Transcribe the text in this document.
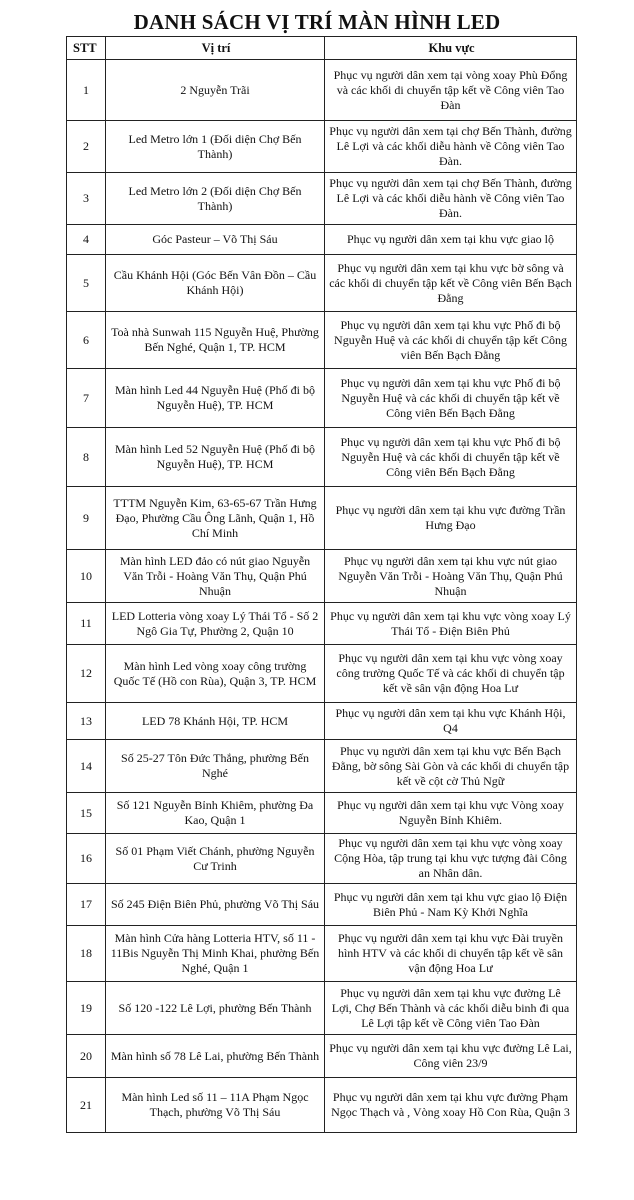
DANH SÁCH VỊ TRÍ MÀN HÌNH LED
STT	Vị trí	Khu vực
1	2 Nguyễn Trãi	Phục vụ người dân xem tại vòng xoay Phù Đổng và các khối di chuyển tập kết về Công viên Tao Đàn
2	Led Metro lớn 1 (Đối diện Chợ Bến Thành)	Phục vụ người dân xem tại chợ Bến Thành, đường Lê Lợi và các khối diễu hành về Công viên Tao Đàn.
3	Led Metro lớn 2 (Đối diện Chợ Bến Thành)	Phục vụ người dân xem tại chợ Bến Thành, đường Lê Lợi và các khối diễu hành về Công viên Tao Đàn.
4	Góc Pasteur – Võ Thị Sáu	Phục vụ người dân xem tại khu vực giao lộ
5	Cầu Khánh Hội (Góc Bến Vân Đồn – Cầu Khánh Hội)	Phục vụ người dân xem tại khu vực bờ sông và các khối di chuyển tập kết về Công viên Bến Bạch Đằng
6	Toà nhà Sunwah 115 Nguyễn Huệ, Phường Bến Nghé, Quận 1, TP. HCM	Phục vụ người dân xem tại khu vực Phố đi bộ Nguyễn Huệ và các khối di chuyển tập kết Công viên Bến Bạch Đằng
7	Màn hình Led 44 Nguyễn Huệ (Phố đi bộ Nguyễn Huệ), TP. HCM	Phục vụ người dân xem tại khu vực Phố đi bộ Nguyễn Huệ và các khối di chuyển tập kết về Công viên Bến Bạch Đằng
8	Màn hình Led 52 Nguyễn Huệ (Phố đi bộ Nguyễn Huệ), TP. HCM	Phục vụ người dân xem tại khu vực Phố đi bộ Nguyễn Huệ và các khối di chuyển tập kết về Công viên Bến Bạch Đằng
9	TTTM Nguyễn Kim, 63-65-67 Trần Hưng Đạo, Phường Cầu Ông Lãnh, Quận 1, Hồ Chí Minh	Phục vụ người dân xem tại khu vực đường Trần Hưng Đạo
10	Màn hình LED đảo có nút giao Nguyễn Văn Trỗi - Hoàng Văn Thụ, Quận Phú Nhuận	Phục vụ người dân xem tại khu vực nút giao Nguyễn Văn Trỗi - Hoàng Văn Thụ, Quận Phú Nhuận
11	LED Lotteria vòng xoay Lý Thái Tổ - Số 2 Ngô Gia Tự, Phường 2, Quận 10	Phục vụ người dân xem tại khu vực vòng xoay Lý Thái Tổ - Điện Biên Phủ
12	Màn hình Led vòng xoay công trường Quốc Tế (Hồ con Rùa), Quận 3, TP. HCM	Phục vụ người dân xem tại khu vực vòng xoay công trường Quốc Tế và các khối di chuyển tập kết về sân vận động Hoa Lư
13	LED 78 Khánh Hội, TP. HCM	Phục vụ người dân xem tại khu vực Khánh Hội, Q4
14	Số 25-27 Tôn Đức Thắng, phường Bến Nghé	Phục vụ người dân xem tại khu vực Bến Bạch Đằng, bờ sông Sài Gòn và các khối di chuyển tập kết về cột cờ Thủ Ngữ
15	Số 121 Nguyễn Bỉnh Khiêm, phường Đa Kao, Quận 1	Phục vụ người dân xem tại khu vực Vòng xoay Nguyễn Bỉnh Khiêm.
16	Số 01 Phạm Viết Chánh, phường Nguyễn Cư Trinh	Phục vụ người dân xem tại khu vực vòng xoay Cộng Hòa, tập trung tại khu vực tượng đài Công an Nhân dân.
17	Số 245 Điện Biên Phủ, phường Võ Thị Sáu	Phục vụ người dân xem tại khu vực giao lộ Điện Biên Phủ - Nam Kỳ Khởi Nghĩa
18	Màn hình Cửa hàng Lotteria HTV, số 11 - 11Bis Nguyễn Thị Minh Khai, phường Bến Nghé, Quận 1	Phục vụ người dân xem tại khu vực Đài truyền hình HTV và các khối di chuyển tập kết về sân vận động Hoa Lư
19	Số 120 -122 Lê Lợi, phường Bến Thành	Phục vụ người dân xem tại khu vực đường Lê Lợi, Chợ Bến Thành và các khối diễu binh đi qua Lê Lợi tập kết về Công viên Tao Đàn
20	Màn hình số 78 Lê Lai, phường Bến Thành	Phục vụ người dân xem tại khu vực đường Lê Lai, Công viên 23/9
21	Màn hình Led số 11 – 11A Phạm Ngọc Thạch, phường Võ Thị Sáu	Phục vụ người dân xem tại khu vực đường Phạm Ngọc Thạch và , Vòng xoay Hồ Con Rùa, Quận 3
